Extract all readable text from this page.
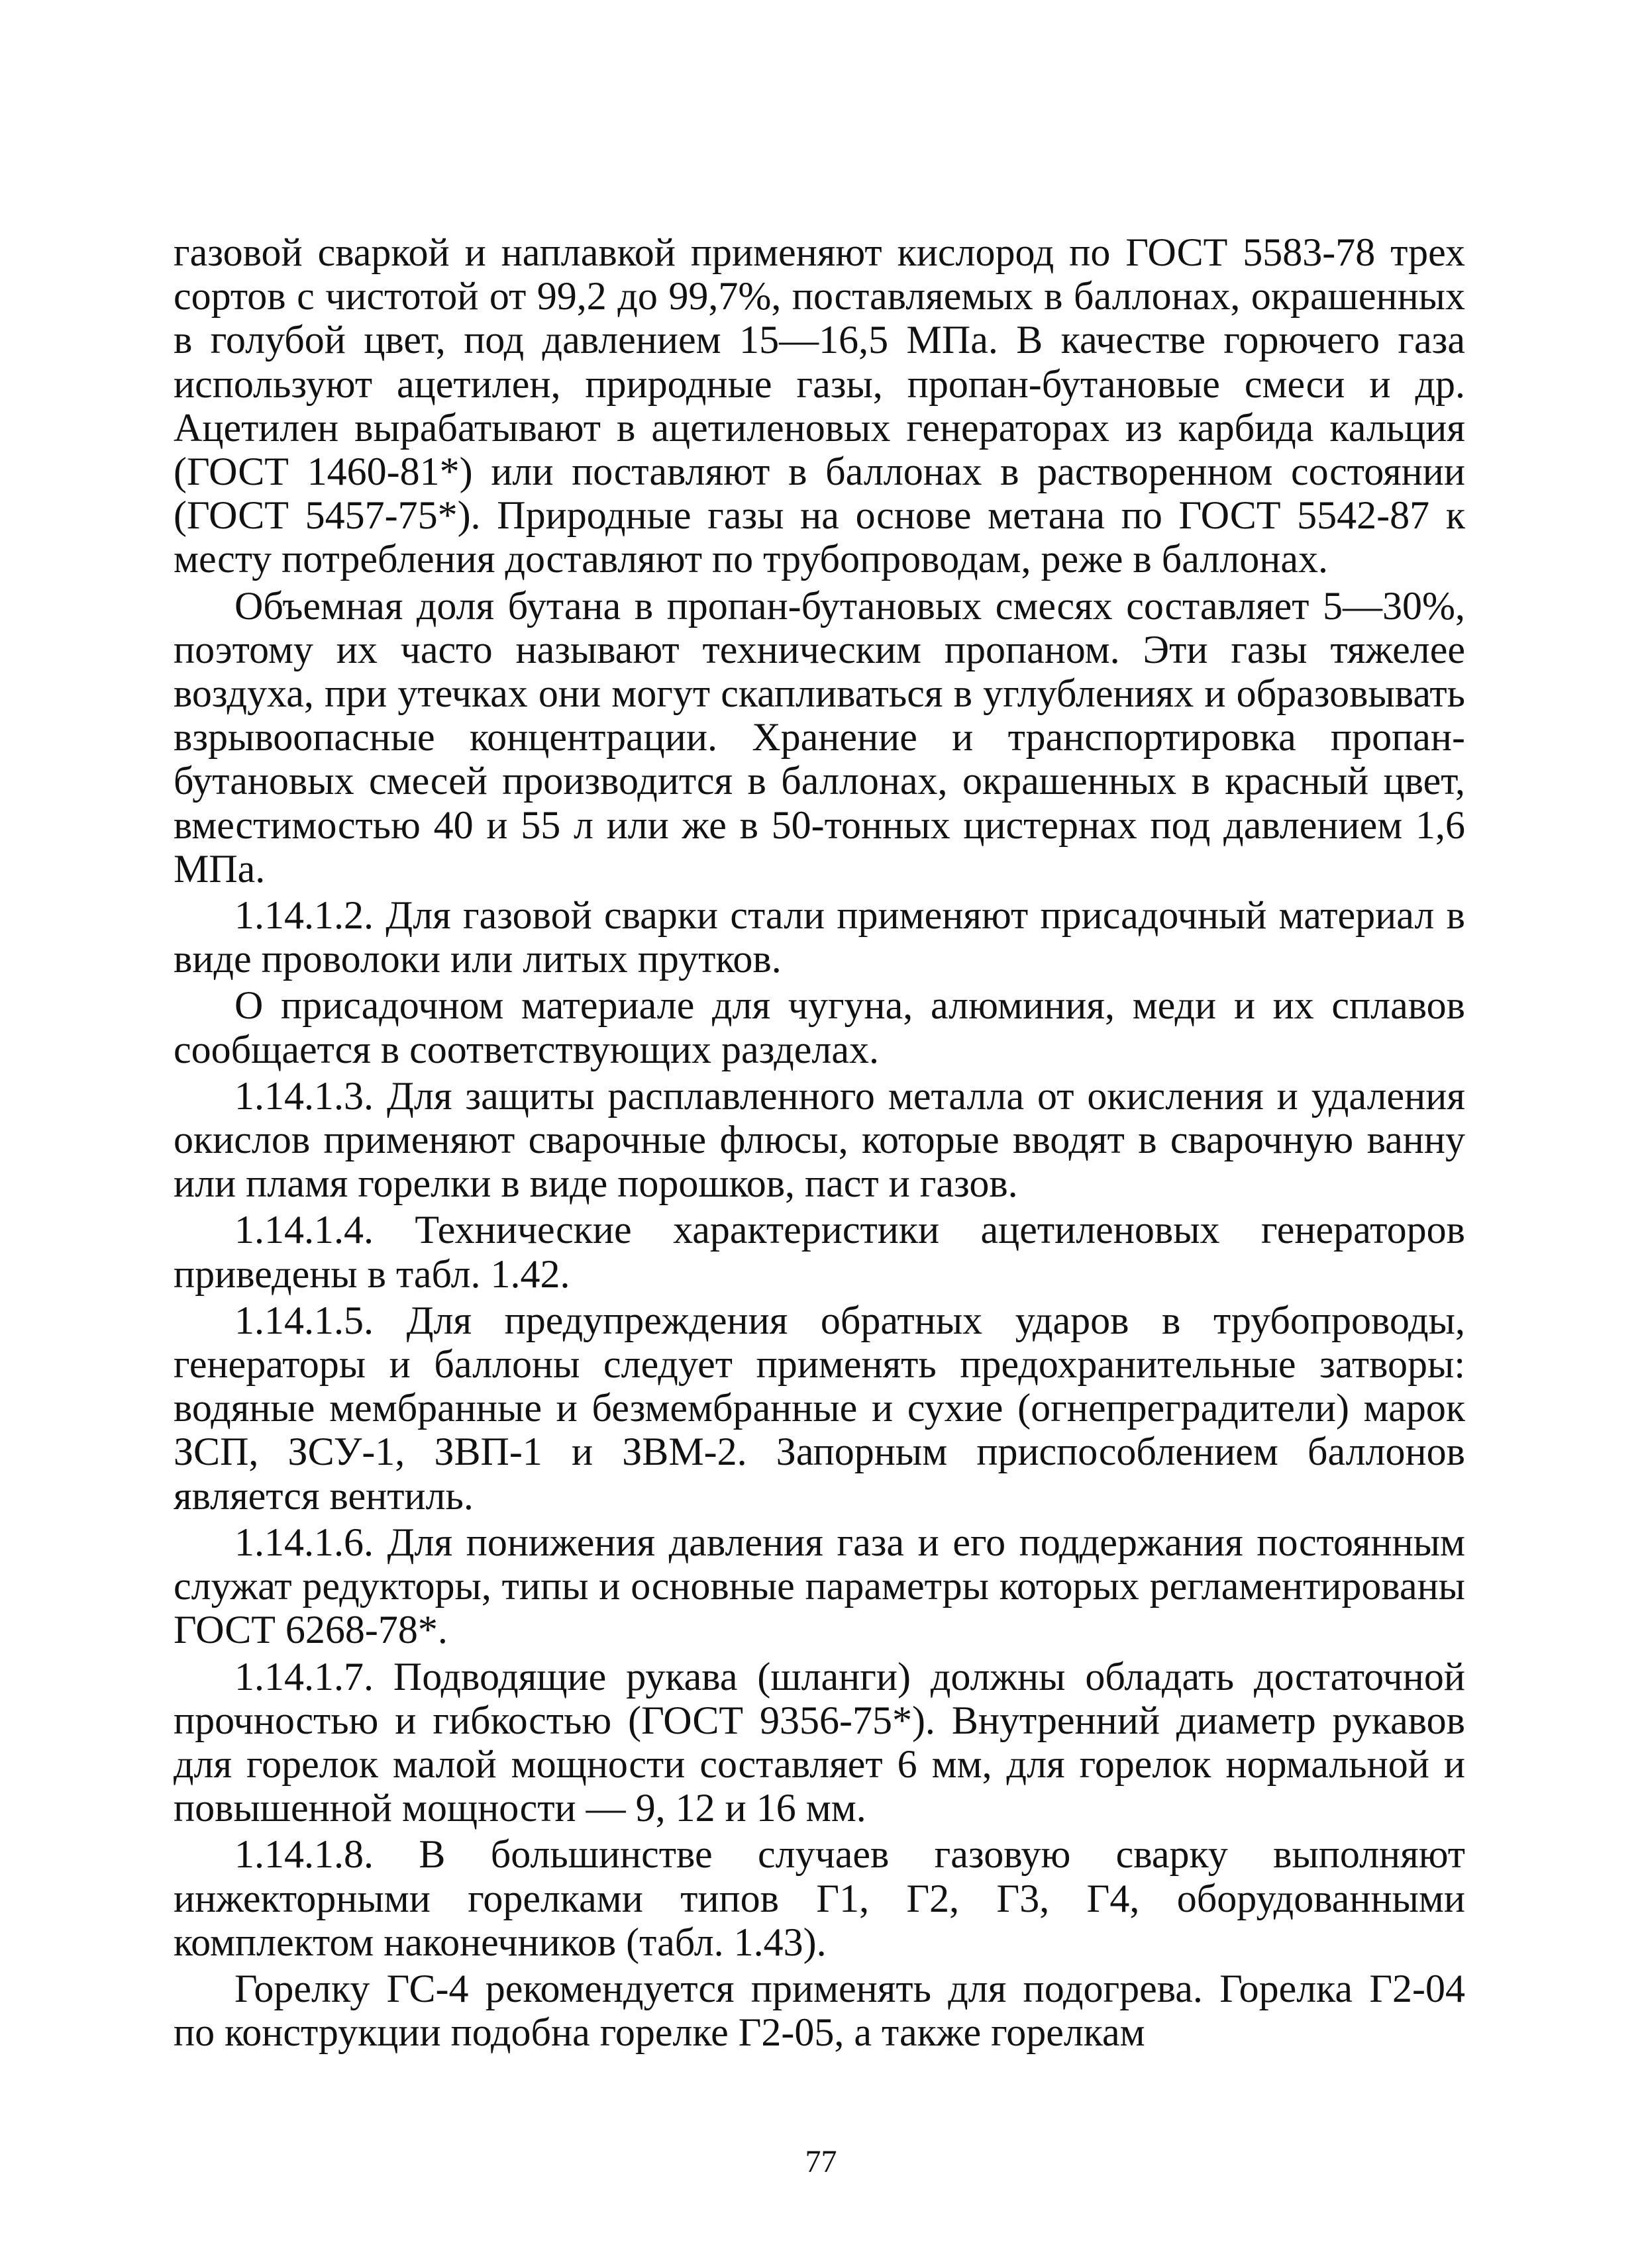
газовой сваркой и наплавкой применяют кислород по ГОСТ 5583-78 трех сортов с чистотой от 99,2 до 99,7%, поставляемых в баллонах, окрашенных в голубой цвет, под давлением 15—16,5 МПа. В качестве горючего газа используют ацетилен, природные газы, пропан-бутановые смеси и др. Ацетилен вырабатывают в ацетиленовых генераторах из карбида кальция (ГОСТ 1460-81*) или поставляют в баллонах в растворенном состоянии (ГОСТ 5457-75*). Природные газы на основе метана по ГОСТ 5542-87 к месту потребления доставляют по трубопроводам, реже в баллонах.

Объемная доля бутана в пропан-бутановых смесях составляет 5—30%, поэтому их часто называют техническим пропаном. Эти газы тяжелее воздуха, при утечках они могут скапливаться в углублениях и образовывать взрывоопасные концентрации. Хранение и транспортировка пропан-бутановых смесей производится в баллонах, окрашенных в красный цвет, вместимостью 40 и 55 л или же в 50-тонных цистернах под давлением 1,6 МПа.

1.14.1.2. Для газовой сварки стали применяют присадочный материал в виде проволоки или литых прутков.

О присадочном материале для чугуна, алюминия, меди и их сплавов сообщается в соответствующих разделах.

1.14.1.3. Для защиты расплавленного металла от окисления и удаления окислов применяют сварочные флюсы, которые вводят в сварочную ванну или пламя горелки в виде порошков, паст и газов.

1.14.1.4. Технические характеристики ацетиленовых генераторов приведены в табл. 1.42.

1.14.1.5. Для предупреждения обратных ударов в трубопроводы, генераторы и баллоны следует применять предохранительные затворы: водяные мембранные и безмембранные и сухие (огнепреградители) марок ЗСП, ЗСУ-1, ЗВП-1 и ЗВМ-2. Запорным приспособлением баллонов является вентиль.

1.14.1.6. Для понижения давления газа и его поддержания постоянным служат редукторы, типы и основные параметры которых регламентированы ГОСТ 6268-78*.

1.14.1.7. Подводящие рукава (шланги) должны обладать достаточной прочностью и гибкостью (ГОСТ 9356-75*). Внутренний диаметр рукавов для горелок малой мощности составляет 6 мм, для горелок нормальной и повышенной мощности — 9, 12 и 16 мм.

1.14.1.8. В большинстве случаев газовую сварку выполняют инжекторными горелками типов Г1, Г2, Г3, Г4, оборудованными комплектом наконечников (табл. 1.43).

Горелку ГС-4 рекомендуется применять для подогрева. Горелка Г2-04 по конструкции подобна горелке Г2-05, а также горелкам

77
